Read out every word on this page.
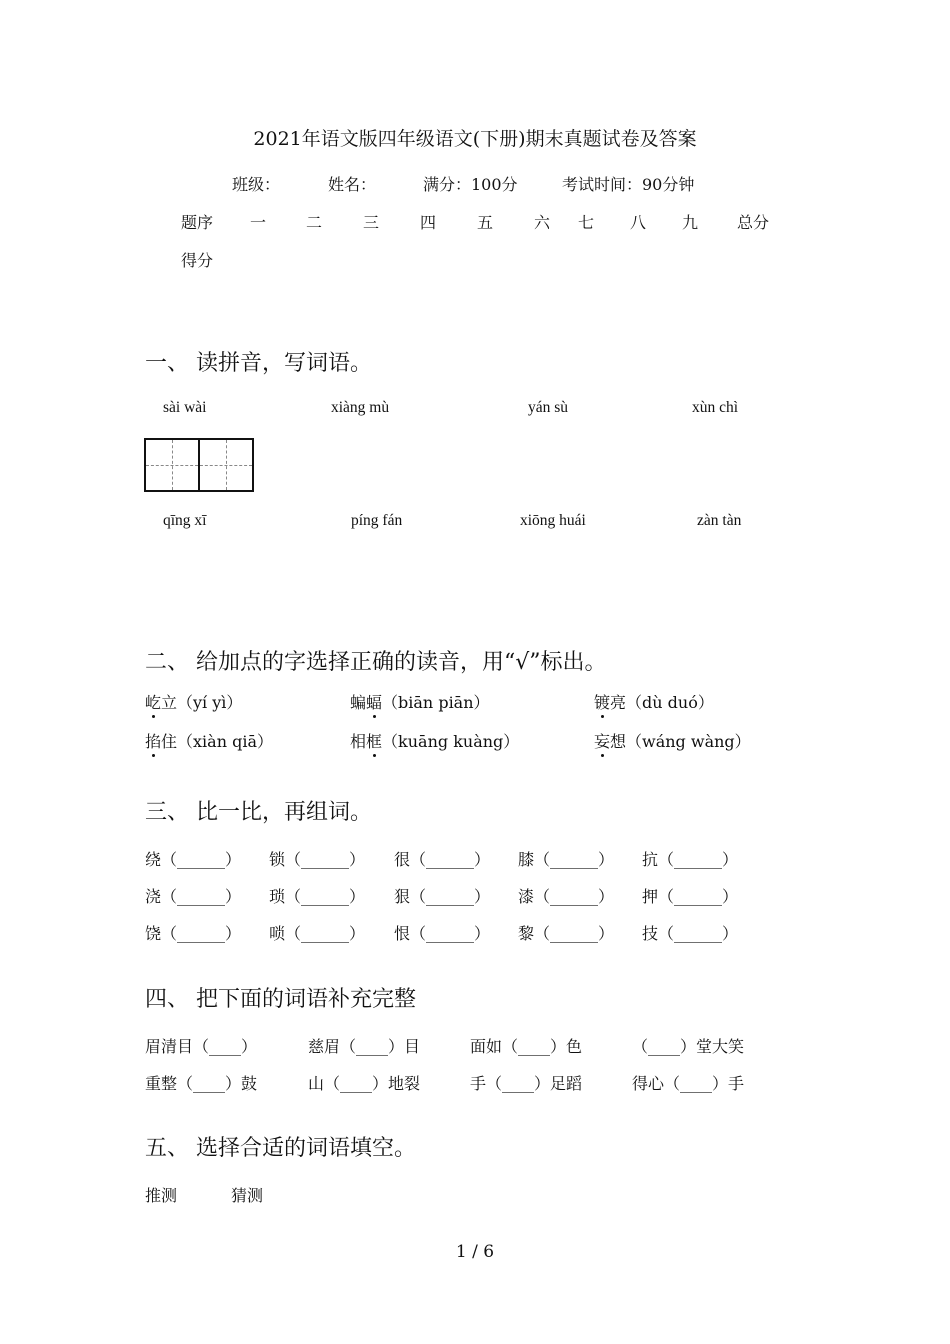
2021年语文版四年级语文(下册)期末真题试卷及答案
班级：	姓名：	满分：100分	考试时间：90分钟
题序 一 二	三	四	五	六 七 八 九 总分
得分
一、 读拼音，写词语。
sài wài	xiàng mù	yán sù	xùn chì
qīng xī	píng fán	xiōng huái	zàn tàn
二、 给加点的字选择正确的读音，用“√”标出。
屹立（yí yì）	蝙蝠（biān piān）	镀亮（dù duó）
掐住（xiàn qiā）	相框（kuāng kuàng）	妄想（wáng wàng）
三、 比一比，再组词。
绕（______） 锁（______） 很（______） 膝（______） 抗（______）
浇（______） 琐（______） 狠（______） 漆（______） 押（______）
饶（______） 唢（______） 恨（______） 黎（______） 技（______）
四、 把下面的词语补充完整
眉清目（____）	慈眉（____）目	面如（____）色	（____）堂大笑
重整（____）鼓	山（____）地裂	手（____）足蹈	得心（____）手
五、 选择合适的词语填空。
推测	猜测
1 / 6
